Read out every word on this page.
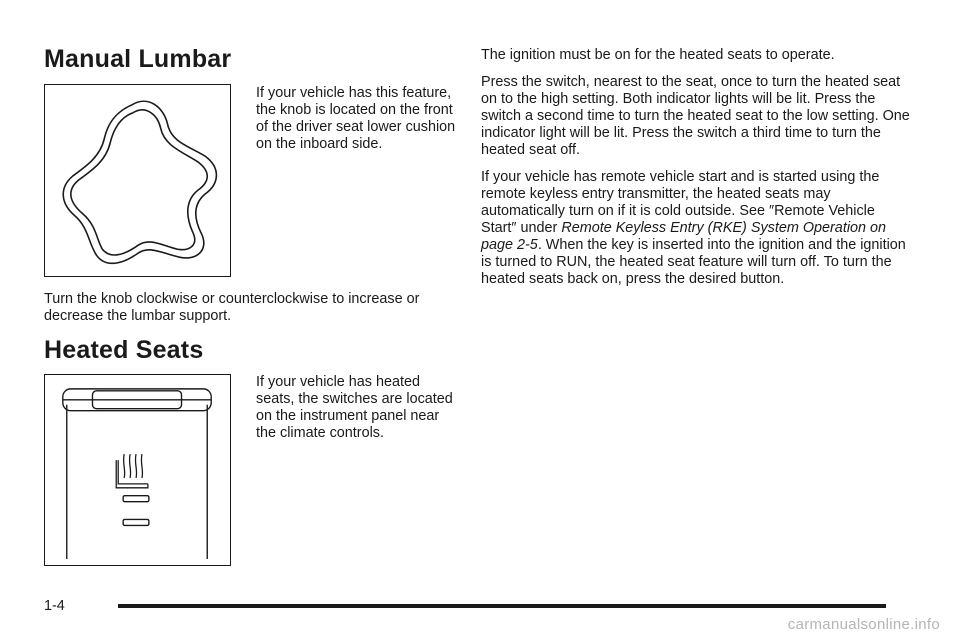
Manual Lumbar

If your vehicle has this feature, the knob is located on the front of the driver seat lower cushion on the inboard side.

Turn the knob clockwise or counterclockwise to increase or decrease the lumbar support.

Heated Seats

If your vehicle has heated seats, the switches are located on the instrument panel near the climate controls.

The ignition must be on for the heated seats to operate.

Press the switch, nearest to the seat, once to turn the heated seat on to the high setting. Both indicator lights will be lit. Press the switch a second time to turn the heated seat to the low setting. One indicator light will be lit. Press the switch a third time to turn the heated seat off.

If your vehicle has remote vehicle start and is started using the remote keyless entry transmitter, the heated seats may automatically turn on if it is cold outside. See ″Remote Vehicle Start″ under Remote Keyless Entry (RKE) System Operation on page 2-5. When the key is inserted into the ignition and the ignition is turned to RUN, the heated seat feature will turn off. To turn the heated seats back on, press the desired button.

1-4
carmanualsonline.info
